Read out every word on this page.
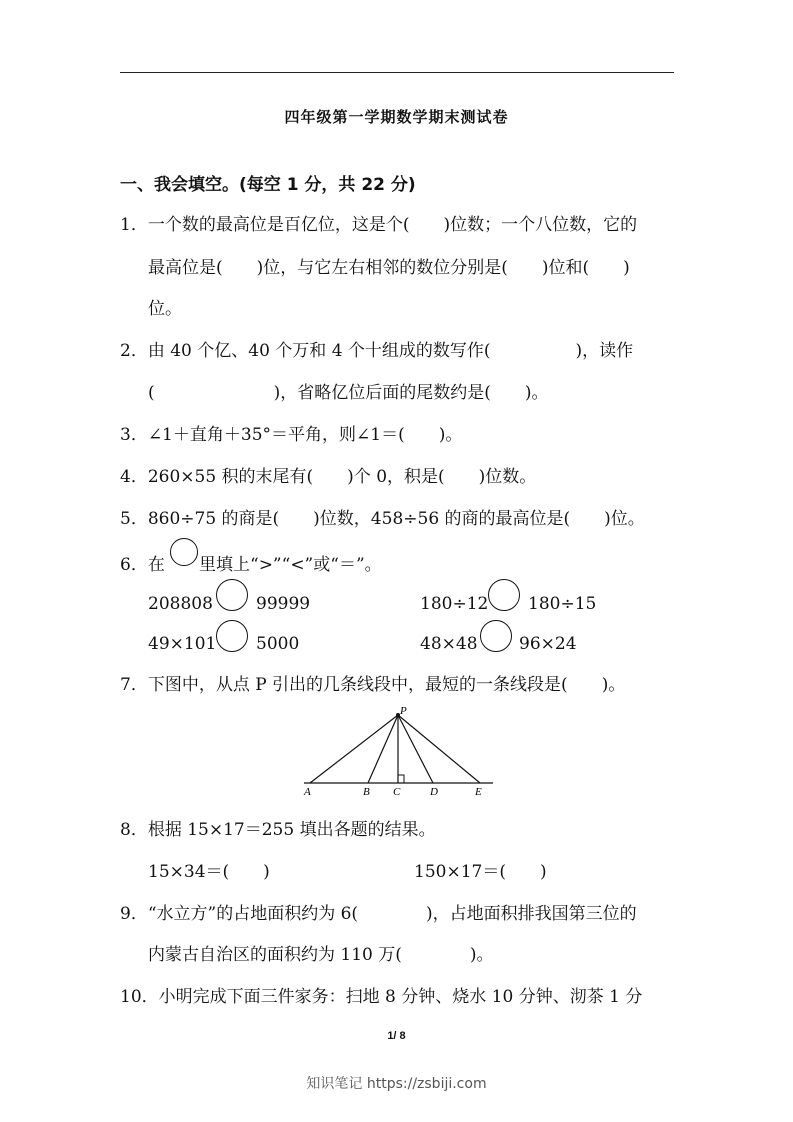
四年级第一学期数学期末测试卷
一、我会填空。(每空 1 分，共 22 分)
1．一个数的最高位是百亿位，这是个(　　)位数；一个八位数，它的
最高位是(　　)位，与它左右相邻的数位分别是(　　)位和(　　)
位。
2．由 40 个亿、40 个万和 4 个十组成的数写作(　　　　　)，读作
(　　　　　　　)，省略亿位后面的尾数约是(　　)。
3．∠1＋直角＋35°＝平角，则∠1＝(　　)。
4．260×55 积的末尾有(　　)个 0，积是(　　)位数。
5．860÷75 的商是(　　)位数，458÷56 的商的最高位是(　　)位。
6．在 里填上“>”“<”或“＝”。
208808	99999	180÷12 180÷15
49×101 5000	48×48 96×24
7．下图中，从点 P 引出的几条线段中，最短的一条线段是(　　)。
P
A	B C	D	E
8．根据 15×17＝255 填出各题的结果。
15×34＝(　　)	150×17＝(　　)
9．“水立方”的占地面积约为 6(　　　　)，占地面积排我国第三位的
内蒙古自治区的面积约为 110 万(　　　　)。
10．小明完成下面三件家务：扫地 8 分钟、烧水 10 分钟、沏茶 1 分
1/ 8
知识笔记 https://zsbiji.com
